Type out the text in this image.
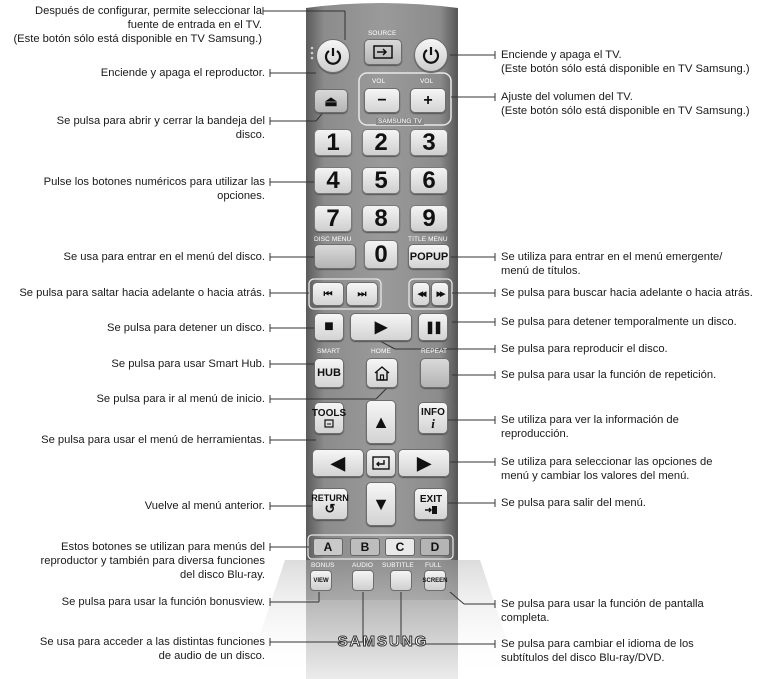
Después de configurar, permite seleccionar la
fuente de entrada en el TV.
(Este botón sólo está disponible en TV Samsung.)
Enciende y apaga el reproductor.
Se pulsa para abrir y cerrar la bandeja del
disco.
Pulse los botones numéricos para utilizar las
opciones.
Se usa para entrar en el menú del disco.
Se pulsa para saltar hacia adelante o hacia atrás.
Se pulsa para detener un disco.
Se pulsa para usar Smart Hub.
Se pulsa para ir al menú de inicio.
Se pulsa para usar el menú de herramientas.
Vuelve al menú anterior.
Estos botones se utilizan para menús del
reproductor y también para diversa funciones
del disco Blu-ray.
Se pulsa para usar la función bonusview.
Se usa para acceder a las distintas funciones
de audio de un disco.
Enciende y apaga el TV.
(Este botón sólo está disponible en TV Samsung.)
Ajuste del volumen del TV.
(Este botón sólo está disponible en TV Samsung.)
Se utiliza para entrar en el menú emergente/
menú de títulos.
Se pulsa para buscar hacia adelante o hacia atrás.
Se pulsa para detener temporalmente un disco.
Se pulsa para reproducir el disco.
Se pulsa para usar la función de repetición.
Se utiliza para ver la información de
reproducción.
Se utiliza para seleccionar las opciones de
menú y cambiar los valores del menú.
Se pulsa para salir del menú.
Se pulsa para usar la función de pantalla
completa.
Se pulsa para cambiar el idioma de los
subtítulos del disco Blu-ray/DVD.
SOURCE
⏏
VOL	VOL
− +
SAMSUNG TV
1	2	3
4	5	6
7	8	9
DISC MENU
0
TITLE MENU
POPUP
⏮	⏭	◀◀ ▶▶
■	▶	❚❚
SMART	HOME	REPEAT
HUB
TOOLS	INFO
i
▲
◀	▶
▼
RETURN
↺
EXIT
A	B	C	D
BONUS	AUDIO SUBTITLE FULL
VIEW	SCREEN
SAMSUNG
